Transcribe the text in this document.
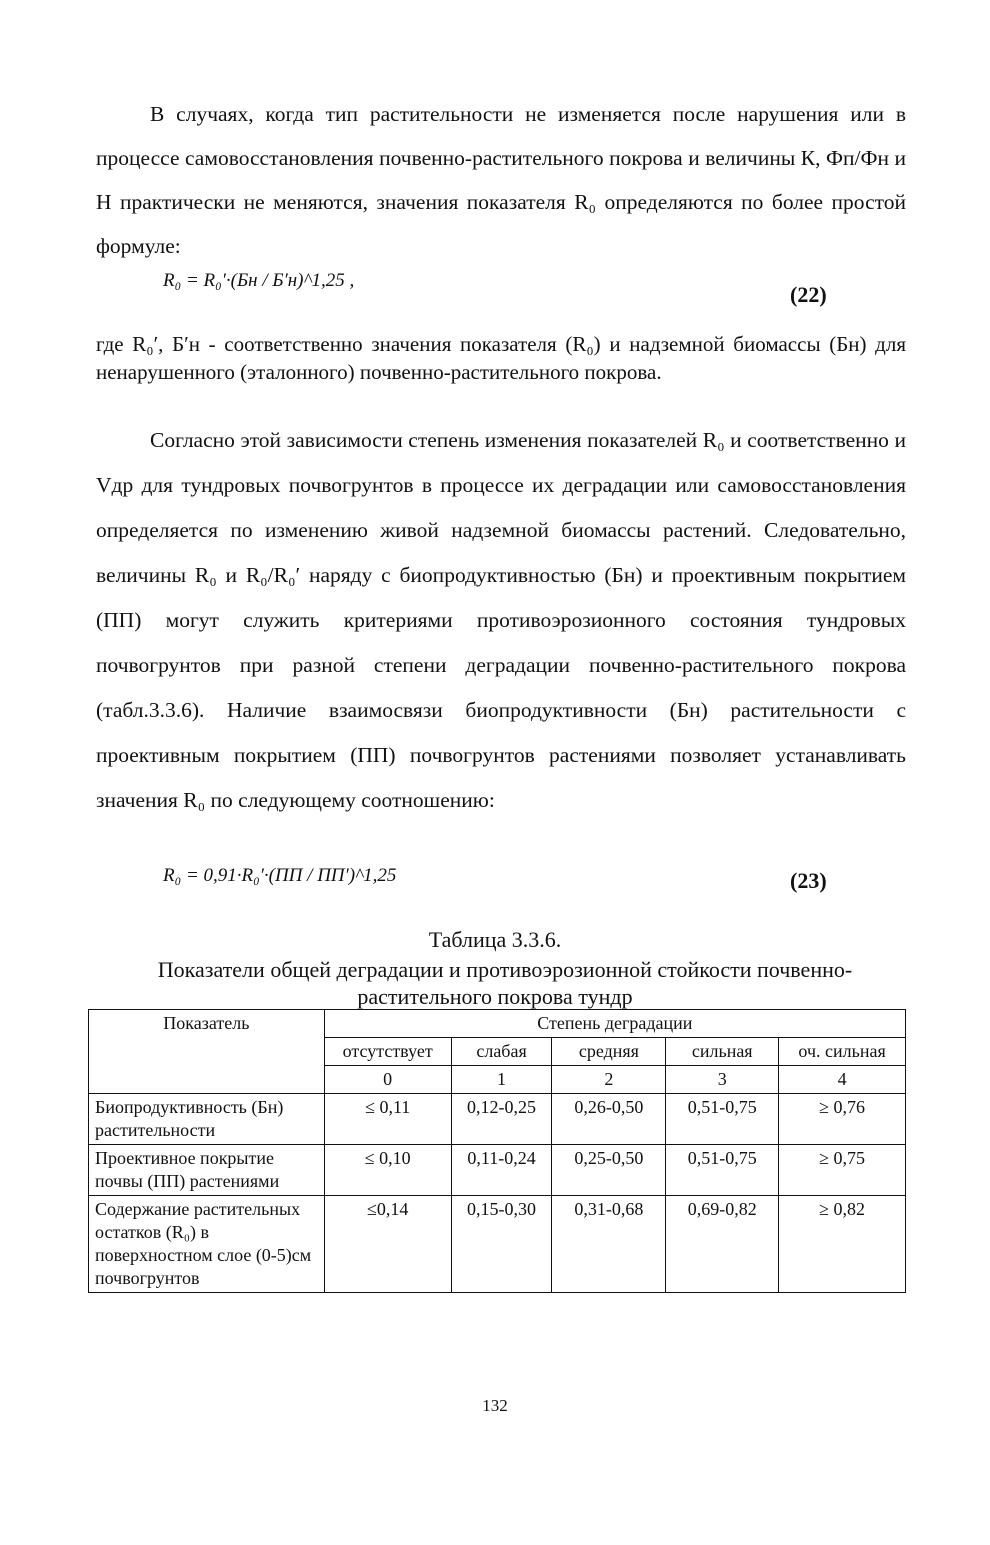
В случаях, когда тип растительности не изменяется после нарушения или в процессе самовосстановления почвенно-растительного покрова и величины К, Фп/Фн и Н практически не меняются, значения показателя R₀ определяются по более простой формуле:

R₀ = R₀′·(Бн / Б′н)^1,25 ,
(22)

где R₀′, Б′н - соответственно значения показателя (R₀) и надземной биомассы (Бн) для ненарушенного (эталонного) почвенно-растительного покрова.

Согласно этой зависимости степень изменения показателей R₀ и соответственно и Vдр для тундровых почвогрунтов в процессе их деградации или самовосстановления определяется по изменению живой надземной биомассы растений. Следовательно, величины R₀ и R₀/R₀′ наряду с биопродуктивностью (Бн) и проективным покрытием (ПП) могут служить критериями противоэрозионного состояния тундровых почвогрунтов при разной степени деградации почвенно-растительного покрова (табл.3.3.6). Наличие взаимосвязи биопродуктивности (Бн) растительности с проективным покрытием (ПП) почвогрунтов растениями позволяет устанавливать значения R₀ по следующему соотношению:

R₀ = 0,91·R₀′·(ПП / ПП′)^1,25	(23)

Таблица 3.3.6.

Показатели общей деградации и противоэрозионной стойкости почвенно-

растительного покрова тундр

Показатель	Степень деградации				
	отсутствует	слабая	средняя	сильная	оч. сильная
	0	1	2	3	4
Биопродуктивность (Бн) растительности	≤ 0,11	0,12-0,25	0,26-0,50	0,51-0,75	≥ 0,76
Проективное покрытие почвы (ПП) растениями	≤ 0,10	0,11-0,24	0,25-0,50	0,51-0,75	≥ 0,75
Содержание растительных остатков (R₀) в поверхностном слое (0-5)см почвогрунтов	≤0,14	0,15-0,30	0,31-0,68	0,69-0,82	≥ 0,82
132
